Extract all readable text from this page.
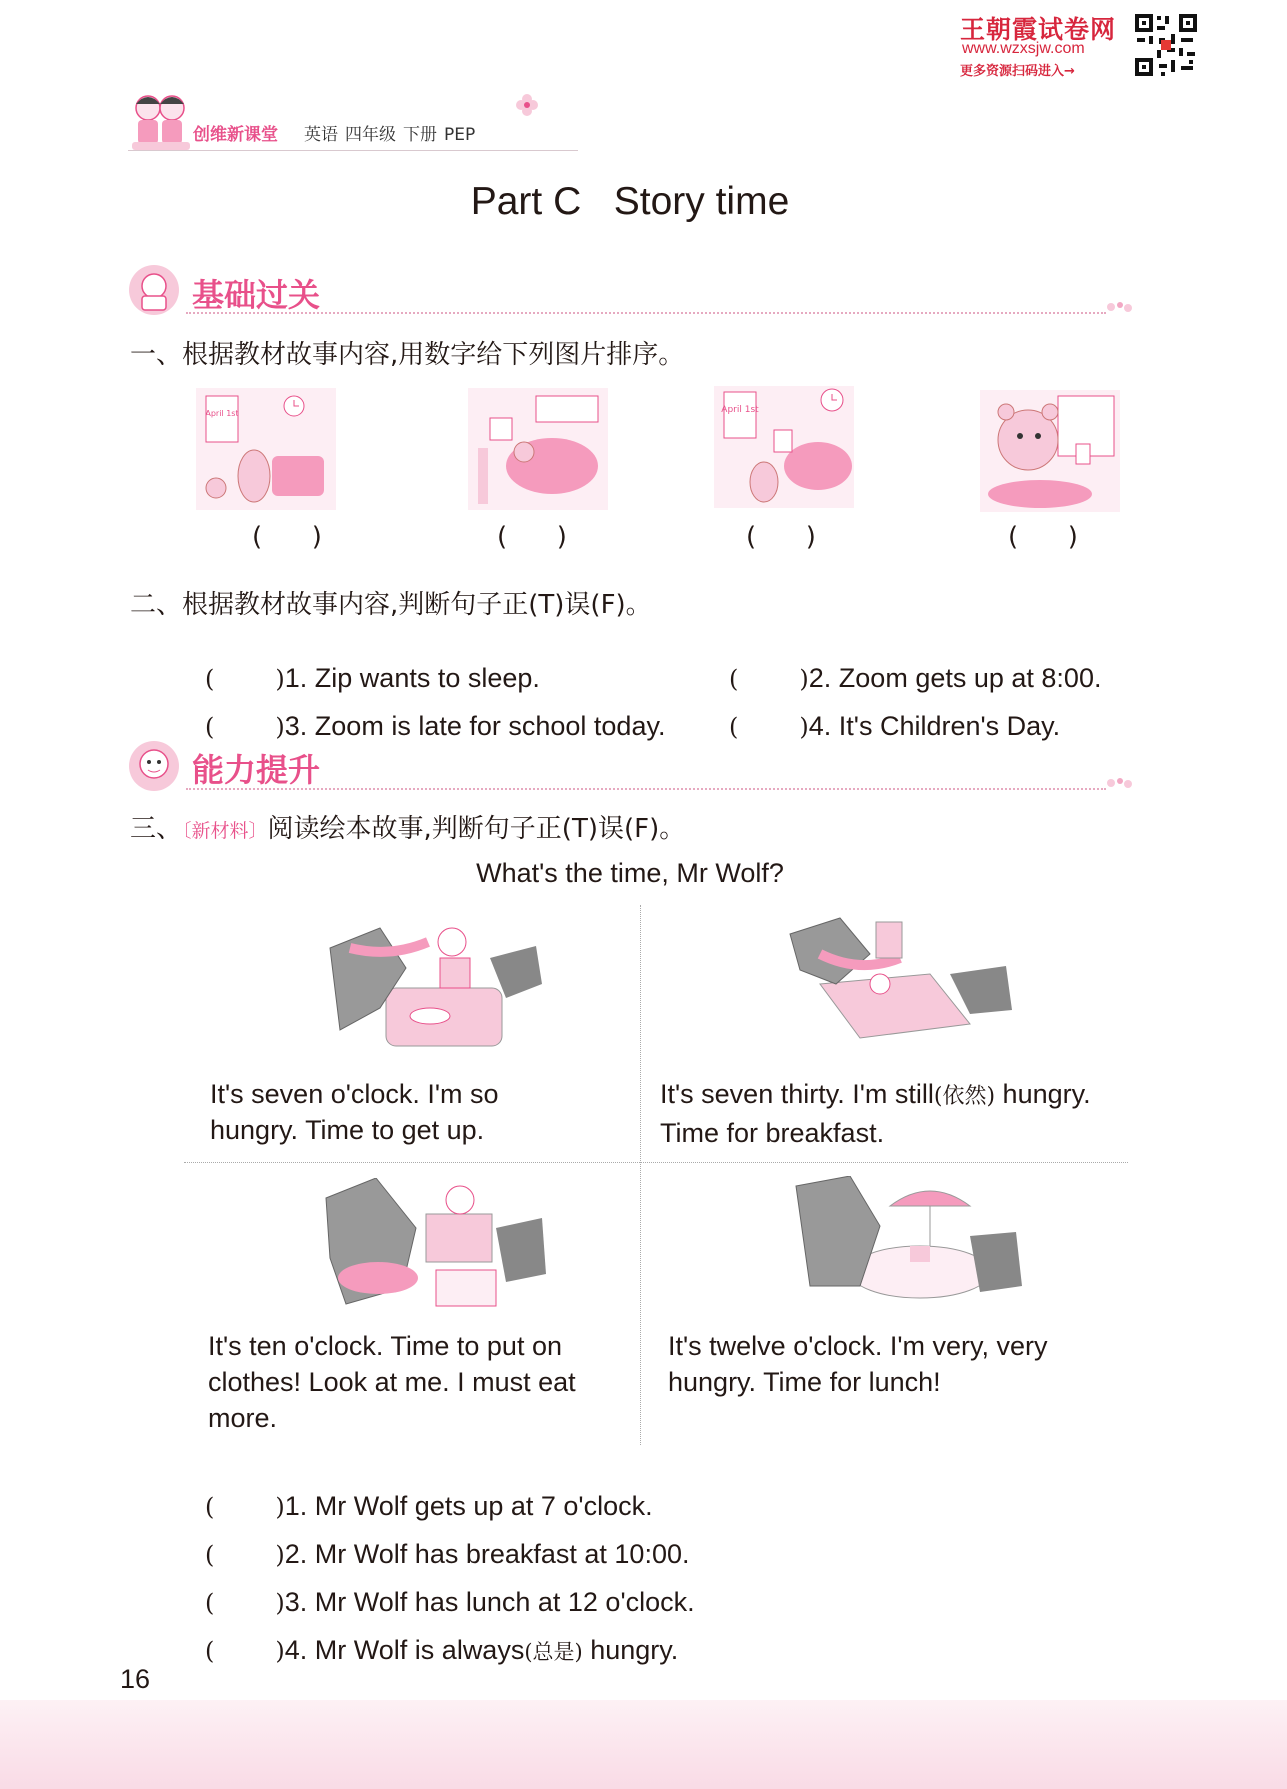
王朝霞试卷网
www.wzxsjw.com
更多资源扫码进入→
创维新课堂 英语 四年级 下册 PEP
Part C   Story time
基础过关
一、根据教材故事内容,用数字给下列图片排序。
April 1st	April 1st
(      )	(      )	(      )	(      )
二、根据教材故事内容,判断句子正(T)误(F)。

(        )1. Zip wants to sleep.	(        )2. Zoom gets up at 8:00.

(        )3. Zoom is late for school today.	(        )4. It's Children's Day.

能力提升
三、〔新材料〕阅读绘本故事,判断句子正(T)误(F)。
What's the time, Mr Wolf?
It's seven o'clock. I'm so hungry. Time to get up.
It's seven thirty. I'm still(依然) hungry. Time for breakfast.
It's ten o'clock. Time to put on clothes! Look at me. I must eat more.
It's twelve o'clock. I'm very, very hungry. Time for lunch!

(        )1. Mr Wolf gets up at 7 o'clock.

(        )2. Mr Wolf has breakfast at 10:00.

(        )3. Mr Wolf has lunch at 12 o'clock.

(        )4. Mr Wolf is always(总是) hungry.

16
